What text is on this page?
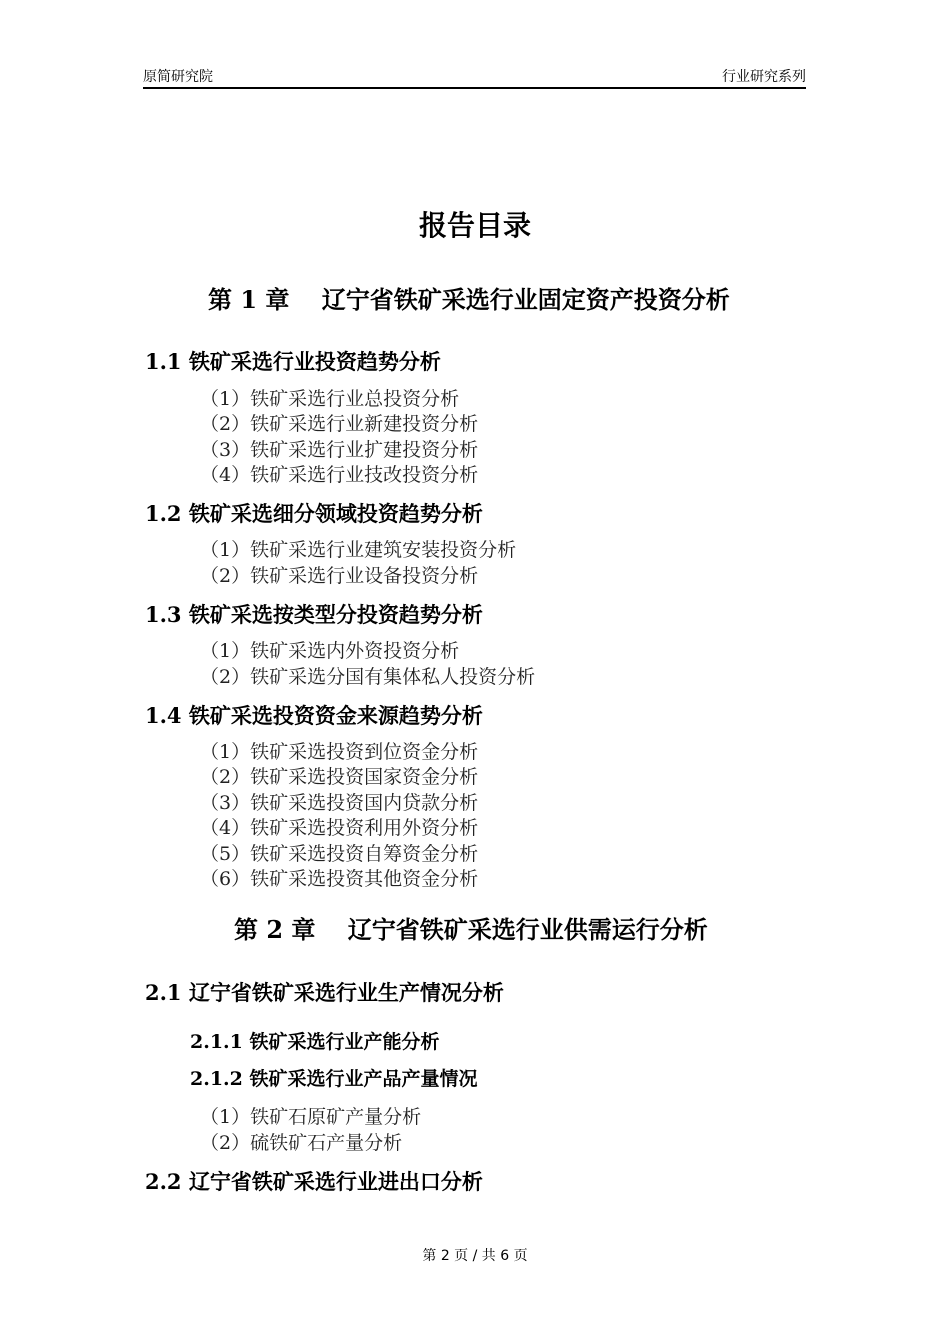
原简研究院	行业研究系列
报告目录
第 1 章　 辽宁省铁矿采选行业固定资产投资分析
1.1 铁矿采选行业投资趋势分析
（1）铁矿采选行业总投资分析
（2）铁矿采选行业新建投资分析
（3）铁矿采选行业扩建投资分析
（4）铁矿采选行业技改投资分析
1.2 铁矿采选细分领域投资趋势分析
（1）铁矿采选行业建筑安装投资分析
（2）铁矿采选行业设备投资分析
1.3 铁矿采选按类型分投资趋势分析
（1）铁矿采选内外资投资分析
（2）铁矿采选分国有集体私人投资分析
1.4 铁矿采选投资资金来源趋势分析
（1）铁矿采选投资到位资金分析
（2）铁矿采选投资国家资金分析
（3）铁矿采选投资国内贷款分析
（4）铁矿采选投资利用外资分析
（5）铁矿采选投资自筹资金分析
（6）铁矿采选投资其他资金分析
第 2 章　 辽宁省铁矿采选行业供需运行分析
2.1 辽宁省铁矿采选行业生产情况分析
2.1.1 铁矿采选行业产能分析
2.1.2 铁矿采选行业产品产量情况
（1）铁矿石原矿产量分析
（2）硫铁矿石产量分析
2.2 辽宁省铁矿采选行业进出口分析
第 2 页 / 共 6 页
